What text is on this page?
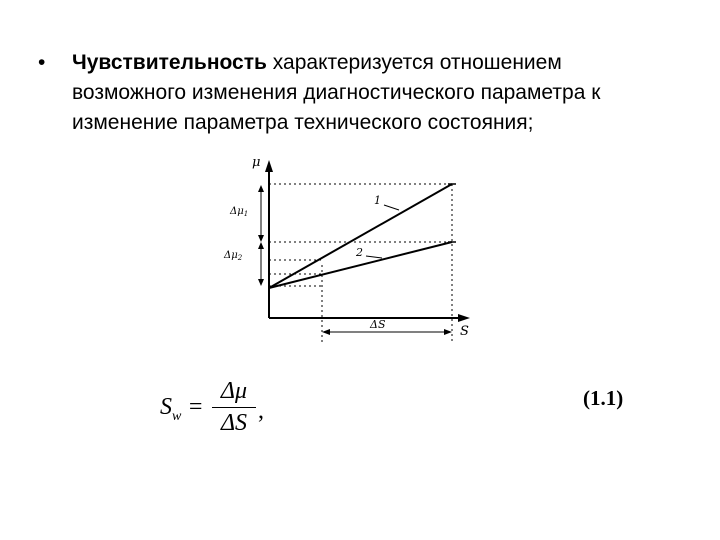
• Чувствительность характеризуется отношением возможного изменения диагностического параметра к изменение параметра технического состояния;
μ
S
$\Delta\mu_1$
$\Delta\mu_2$
ΔS
1
2
$S_w = \frac{\Delta\mu}{\Delta S}$ ,	(1.1)
